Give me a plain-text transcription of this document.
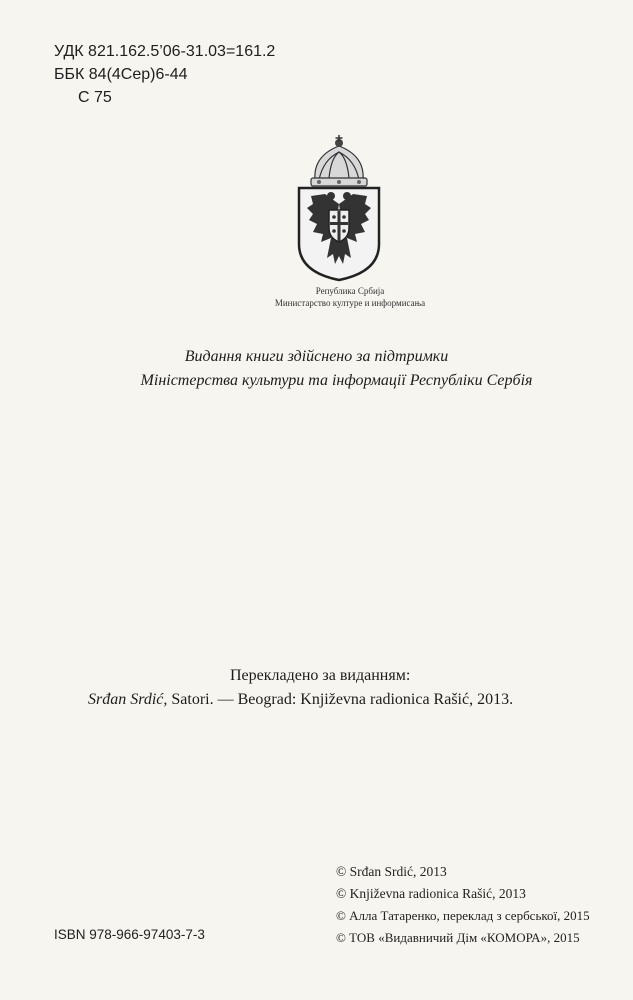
УДК 821.162.5’06-31.03=161.2
ББК 84(4Сер)6-44
С 75
Република Србија
Министарство културе и информисања
Видання книги здійснено за підтримки
Міністерства культури та інформації Республіки Сербія
Перекладено за виданням:
Srđan Srdić, Satori. — Beograd: Književna radionica Rašić, 2013.
ISBN 978-966-97403-7-3
© Srđan Srdić, 2013
© Književna radionica Rašić, 2013
© Алла Татаренко, переклад з сербської, 2015
© ТОВ «Видавничий Дім «КОМОРА», 2015
